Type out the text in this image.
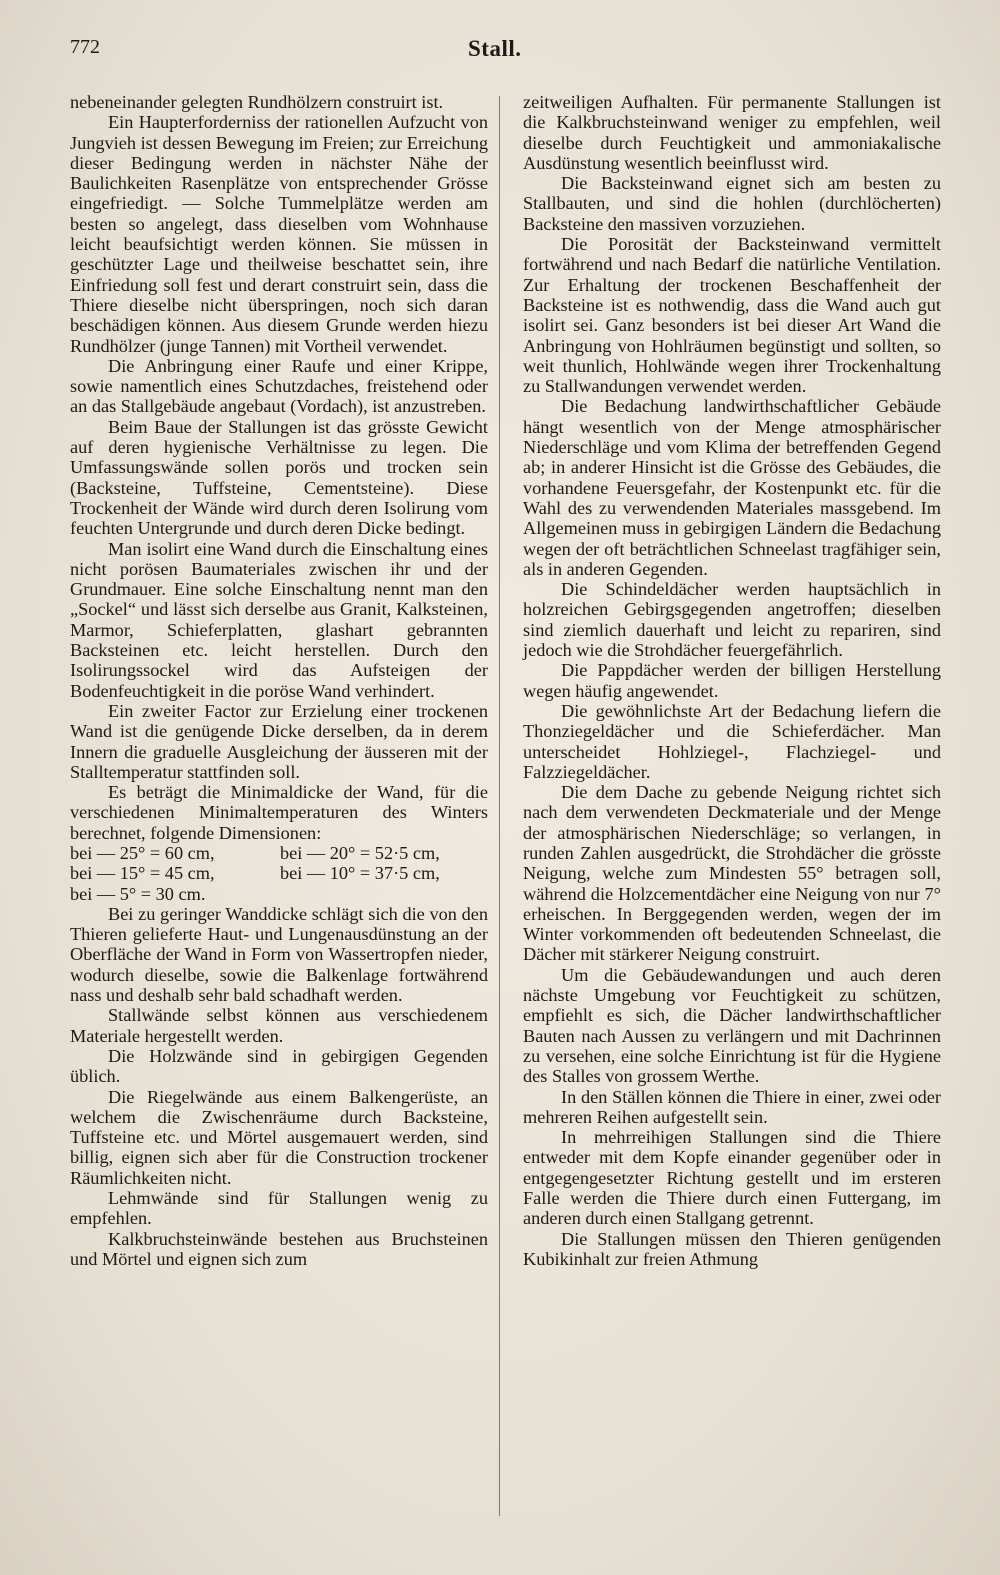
772	Stall.

nebeneinander gelegten Rundhölzern construirt ist.

Ein Haupterforderniss der rationellen Aufzucht von Jungvieh ist dessen Bewegung im Freien; zur Erreichung dieser Bedingung werden in nächster Nähe der Baulichkeiten Rasenplätze von entsprechender Grösse eingefriedigt. — Solche Tummelplätze werden am besten so angelegt, dass dieselben vom Wohnhause leicht beaufsichtigt werden können. Sie müssen in geschützter Lage und theilweise beschattet sein, ihre Einfriedung soll fest und derart construirt sein, dass die Thiere dieselbe nicht überspringen, noch sich daran beschädigen können. Aus diesem Grunde werden hiezu Rundhölzer (junge Tannen) mit Vortheil verwendet.

Die Anbringung einer Raufe und einer Krippe, sowie namentlich eines Schutzdaches, freistehend oder an das Stallgebäude angebaut (Vordach), ist anzustreben.

Beim Baue der Stallungen ist das grösste Gewicht auf deren hygienische Verhältnisse zu legen. Die Umfassungswände sollen porös und trocken sein (Backsteine, Tuffsteine, Cementsteine). Diese Trockenheit der Wände wird durch deren Isolirung vom feuchten Untergrunde und durch deren Dicke bedingt.

Man isolirt eine Wand durch die Einschaltung eines nicht porösen Baumateriales zwischen ihr und der Grundmauer. Eine solche Einschaltung nennt man den „Sockel“ und lässt sich derselbe aus Granit, Kalksteinen, Marmor, Schieferplatten, glashart gebrannten Backsteinen etc. leicht herstellen. Durch den Isolirungssockel wird das Aufsteigen der Bodenfeuchtigkeit in die poröse Wand verhindert.

Ein zweiter Factor zur Erzielung einer trockenen Wand ist die genügende Dicke derselben, da in derem Innern die graduelle Ausgleichung der äusseren mit der Stalltemperatur stattfinden soll.

Es beträgt die Minimaldicke der Wand, für die verschiedenen Minimaltemperaturen des Winters berechnet, folgende Dimensionen:

bei — 25° = 60 cm,	bei — 20° = 52·5 cm,
bei — 15° = 45 cm,	bei — 10° = 37·5 cm,
bei — 5° = 30 cm.

Bei zu geringer Wanddicke schlägt sich die von den Thieren gelieferte Haut- und Lungenausdünstung an der Oberfläche der Wand in Form von Wassertropfen nieder, wodurch dieselbe, sowie die Balkenlage fortwährend nass und deshalb sehr bald schadhaft werden.

Stallwände selbst können aus verschiedenem Materiale hergestellt werden.

Die Holzwände sind in gebirgigen Gegenden üblich.

Die Riegelwände aus einem Balkengerüste, an welchem die Zwischenräume durch Backsteine, Tuffsteine etc. und Mörtel ausgemauert werden, sind billig, eignen sich aber für die Construction trockener Räumlichkeiten nicht.

Lehmwände sind für Stallungen wenig zu empfehlen.

Kalkbruchsteinwände bestehen aus Bruchsteinen und Mörtel und eignen sich zum

zeitweiligen Aufhalten. Für permanente Stallungen ist die Kalkbruchsteinwand weniger zu empfehlen, weil dieselbe durch Feuchtigkeit und ammoniakalische Ausdünstung wesentlich beeinflusst wird.

Die Backsteinwand eignet sich am besten zu Stallbauten, und sind die hohlen (durchlöcherten) Backsteine den massiven vorzuziehen.

Die Porosität der Backsteinwand vermittelt fortwährend und nach Bedarf die natürliche Ventilation. Zur Erhaltung der trockenen Beschaffenheit der Backsteine ist es nothwendig, dass die Wand auch gut isolirt sei. Ganz besonders ist bei dieser Art Wand die Anbringung von Hohlräumen begünstigt und sollten, so weit thunlich, Hohlwände wegen ihrer Trockenhaltung zu Stallwandungen verwendet werden.

Die Bedachung landwirthschaftlicher Gebäude hängt wesentlich von der Menge atmosphärischer Niederschläge und vom Klima der betreffenden Gegend ab; in anderer Hinsicht ist die Grösse des Gebäudes, die vorhandene Feuersgefahr, der Kostenpunkt etc. für die Wahl des zu verwendenden Materiales massgebend. Im Allgemeinen muss in gebirgigen Ländern die Bedachung wegen der oft beträchtlichen Schneelast tragfähiger sein, als in anderen Gegenden.

Die Schindeldächer werden hauptsächlich in holzreichen Gebirgsgegenden angetroffen; dieselben sind ziemlich dauerhaft und leicht zu repariren, sind jedoch wie die Strohdächer feuergefährlich.

Die Pappdächer werden der billigen Herstellung wegen häufig angewendet.

Die gewöhnlichste Art der Bedachung liefern die Thonziegeldächer und die Schieferdächer. Man unterscheidet Hohlziegel-, Flachziegel- und Falzziegeldächer.

Die dem Dache zu gebende Neigung richtet sich nach dem verwendeten Deckmateriale und der Menge der atmosphärischen Niederschläge; so verlangen, in runden Zahlen ausgedrückt, die Strohdächer die grösste Neigung, welche zum Mindesten 55° betragen soll, während die Holzcementdächer eine Neigung von nur 7° erheischen. In Berggegenden werden, wegen der im Winter vorkommenden oft bedeutenden Schneelast, die Dächer mit stärkerer Neigung construirt.

Um die Gebäudewandungen und auch deren nächste Umgebung vor Feuchtigkeit zu schützen, empfiehlt es sich, die Dächer landwirthschaftlicher Bauten nach Aussen zu verlängern und mit Dachrinnen zu versehen, eine solche Einrichtung ist für die Hygiene des Stalles von grossem Werthe.

In den Ställen können die Thiere in einer, zwei oder mehreren Reihen aufgestellt sein.

In mehrreihigen Stallungen sind die Thiere entweder mit dem Kopfe einander gegenüber oder in entgegengesetzter Richtung gestellt und im ersteren Falle werden die Thiere durch einen Futtergang, im anderen durch einen Stallgang getrennt.

Die Stallungen müssen den Thieren genügenden Kubikinhalt zur freien Athmung
